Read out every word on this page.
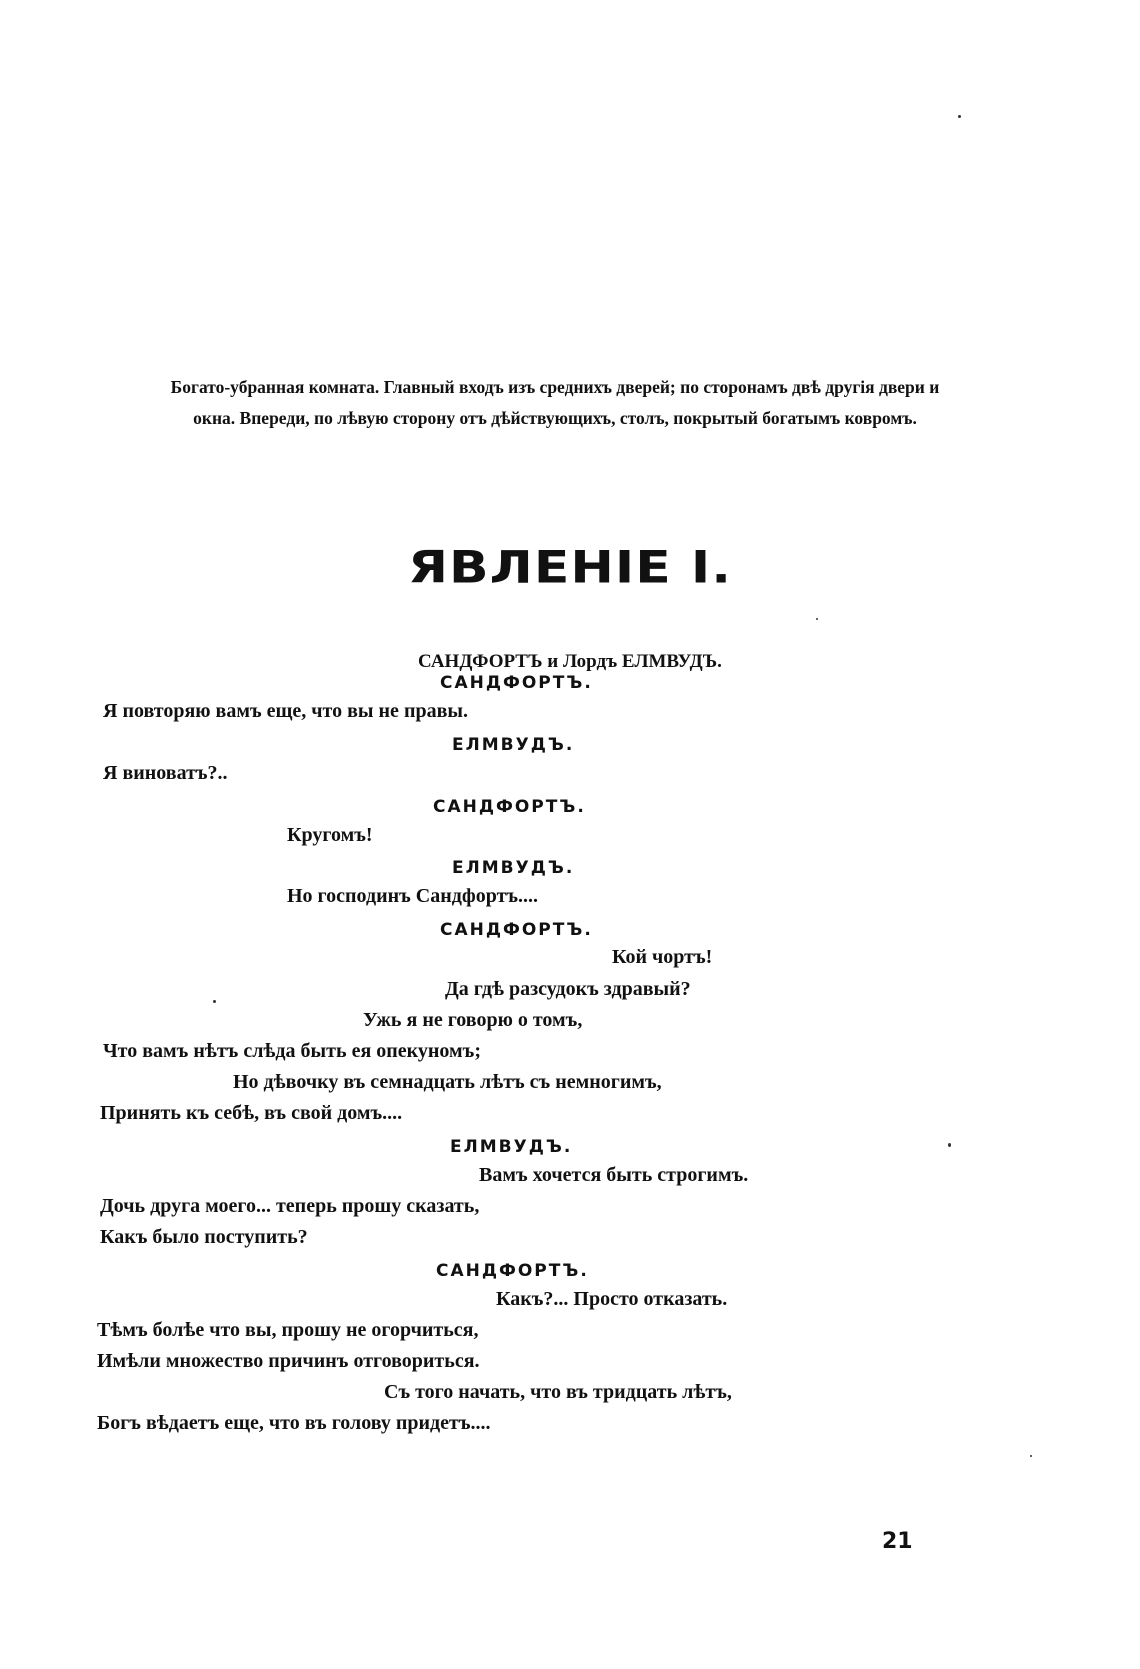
Богато-убранная комната. Главный входъ изъ среднихъ дверей; по сторонамъ двѣ другія двери и
окна. Впереди, по лѣвую сторону отъ дѣйствующихъ, столъ, покрытый богатымъ ковромъ.
ЯВЛЕНІЕ I.
САНДФОРТЪ и Лордъ ЕЛМВУДЪ.
САНДФОРТЪ.
Я повторяю вамъ еще, что вы не правы.
ЕЛМВУДЪ.
Я виноватъ?..
САНДФОРТЪ.
Кругомъ!
ЕЛМВУДЪ.
Но господинъ Сандфортъ....
САНДФОРТЪ.
Кой чортъ!
Да гдѣ разсудокъ здравый?
Ужь я не говорю о томъ,
Что вамъ нѣтъ слѣда быть ея опекуномъ;
Но дѣвочку въ семнадцать лѣтъ съ немногимъ,
Принять къ себѣ, въ свой домъ....
ЕЛМВУДЪ.
Вамъ хочется быть строгимъ.
Дочь друга моего... теперь прошу сказать,
Какъ было поступить?
САНДФОРТЪ.
Какъ?... Просто отказать.
Тѣмъ болѣе что вы, прошу не огорчиться,
Имѣли множество причинъ отговориться.
Съ того начать, что въ тридцать лѣтъ,
Богъ вѣдаетъ еще, что въ голову придетъ....
21
